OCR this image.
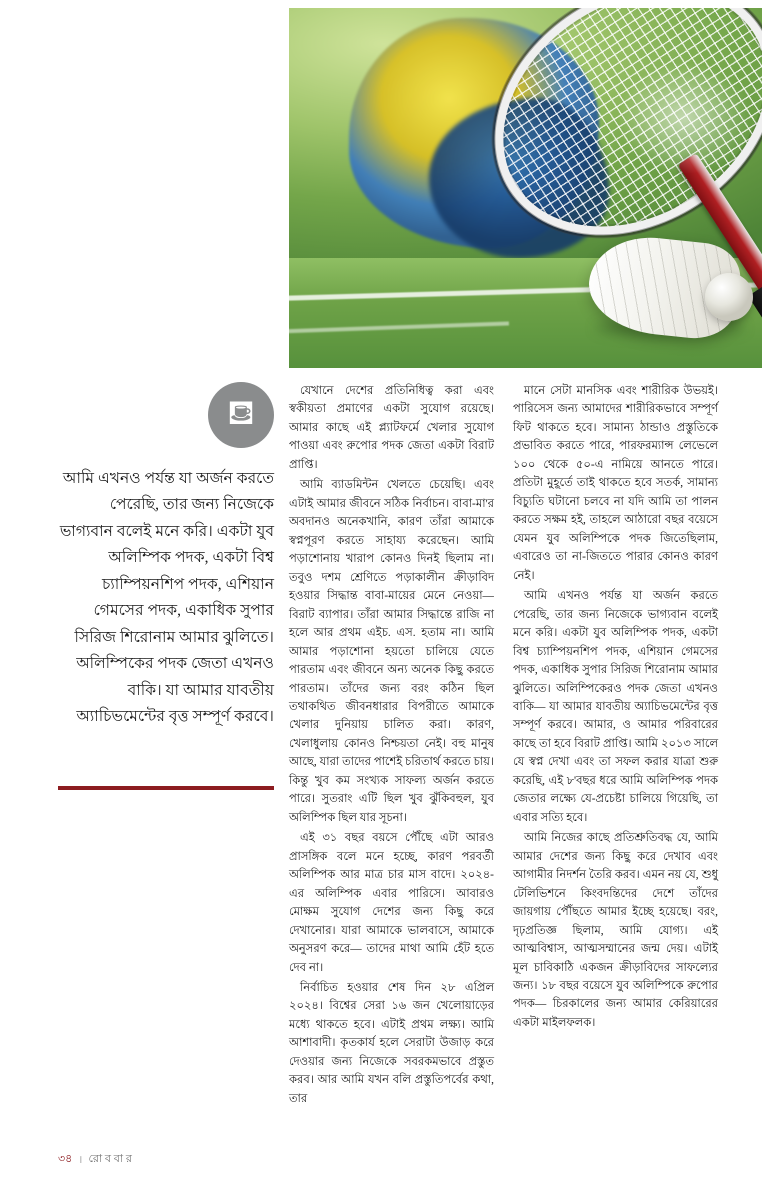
⛾
আমি এখনও পর্যন্ত যা অর্জন করতে পেরেছি, তার জন্য নিজেকে ভাগ্যবান বলেই মনে করি। একটা যুব অলিম্পিক পদক, একটা বিশ্ব চ্যাম্পিয়নশিপ পদক, এশিয়ান গেমসের পদক, একাধিক সুপার সিরিজ শিরোনাম আমার ঝুলিতে। অলিম্পিকের পদক জেতা এখনও বাকি। যা আমার যাবতীয় অ্যাচিভমেন্টের বৃত্ত সম্পূর্ণ করবে।

যেখানে দেশের প্রতিনিধিত্ব করা এবং স্বকীয়তা প্রমাণের একটা সুযোগ রয়েছে। আমার কাছে এই প্ল্যাটফর্মে খেলার সুযোগ পাওয়া এবং রুপোর পদক জেতা একটা বিরাট প্রাপ্তি।

আমি ব্যাডমিন্টন খেলতে চেয়েছি। এবং এটাই আমার জীবনে সঠিক নির্বাচন। বাবা-মা'র অবদানও অনেকখানি, কারণ তাঁরা আমাকে স্বপ্নপূরণ করতে সাহায্য করেছেন। আমি পড়াশোনায় খারাপ কোনও দিনই ছিলাম না। তবুও দশম শ্রেণিতে পড়াকালীন ক্রীড়াবিদ হওয়ার সিদ্ধান্ত বাবা-মায়ের মেনে নেওয়া— বিরাট ব্যাপার। তাঁরা আমার সিদ্ধান্তে রাজি না হলে আর প্রথম এইচ. এস. হতাম না। আমি আমার পড়াশোনা হয়তো চালিয়ে যেতে পারতাম এবং জীবনে অন্য অনেক কিছু করতে পারতাম। তাঁদের জন্য বরং কঠিন ছিল তথাকথিত জীবনধারার বিপরীতে আমাকে খেলার দুনিয়ায় চালিত করা। কারণ, খেলাধুলায় কোনও নিশ্চয়তা নেই। বহু মানুষ আছে, যারা তাদের পাশেই চরিতার্থ করতে চায়। কিন্তু খুব কম সংখ্যক সাফল্য অর্জন করতে পারে। সুতরাং এটি ছিল খুব ঝুঁকিবহুল, যুব অলিম্পিক ছিল যার সূচনা।

এই ৩১ বছর বয়সে পৌঁছে এটা আরও প্রাসঙ্গিক বলে মনে হচ্ছে, কারণ পরবর্তী অলিম্পিক আর মাত্র চার মাস বাদে। ২০২৪-এর অলিম্পিক এবার পারিসে। আবারও মোক্ষম সুযোগ দেশের জন্য কিছু করে দেখানোর। যারা আমাকে ভালবাসে, আমাকে অনুসরণ করে— তাদের মাথা আমি হেঁট হতে দেব না।

নির্বাচিত হওয়ার শেষ দিন ২৮ এপ্রিল ২০২৪। বিশ্বের সেরা ১৬ জন খেলোয়াড়ের মধ্যে থাকতে হবে। এটাই প্রথম লক্ষ্য। আমি আশাবাদী। কৃতকার্য হলে সেরাটা উজাড় করে দেওয়ার জন্য নিজেকে সবরকমভাবে প্রস্তুত করব। আর আমি যখন বলি প্রস্তুতিপর্বের কথা, তার

মানে সেটা মানসিক এবং শারীরিক উভয়ই। পারিসেস জন্য আমাদের শারীরিকভাবে সম্পূর্ণ ফিট থাকতে হবে। সামান্য ঠান্ডাও প্রস্তুতিকে প্রভাবিত করতে পারে, পারফরম্যান্স লেভেলে ১০০ থেকে ৫০-এ নামিয়ে আনতে পারে। প্রতিটা মুহূর্তে তাই থাকতে হবে সতর্ক, সামান্য বিচ্যুতি ঘটানো চলবে না যদি আমি তা পালন করতে সক্ষম হই, তাহলে আঠারো বছর বয়েসে যেমন যুব অলিম্পিকে পদক জিতেছিলাম, এবারেও তা না-জিততে পারার কোনও কারণ নেই।

আমি এখনও পর্যন্ত যা অর্জন করতে পেরেছি, তার জন্য নিজেকে ভাগ্যবান বলেই মনে করি। একটা যুব অলিম্পিক পদক, একটা বিশ্ব চ্যাম্পিয়নশিপ পদক, এশিয়ান গেমসের পদক, একাধিক সুপার সিরিজ শিরোনাম আমার ঝুলিতে। অলিম্পিকেরও পদক জেতা এখনও বাকি— যা আমার যাবতীয় অ্যাচিভমেন্টের বৃত্ত সম্পূর্ণ করবে। আমার, ও আমার পরিবারের কাছে তা হবে বিরাট প্রাপ্তি। আমি ২০১৩ সালে যে স্বপ্ন দেখা এবং তা সফল করার যাত্রা শুরু করেছি, এই ৮'বছর ধরে আমি অলিম্পিক পদক জেতার লক্ষ্যে যে-প্রচেষ্টা চালিয়ে গিয়েছি, তা এবার সত্যি হবে।

আমি নিজের কাছে প্রতিশ্রুতিবদ্ধ যে, আমি আমার দেশের জন্য কিছু করে দেখাব এবং আগামীর নিদর্শন তৈরি করব। এমন নয় যে, শুধু টেলিভিশনে কিংবদন্তিদের দেশে তাঁদের জায়গায় পৌঁছতে আমার ইচ্ছে হয়েছে। বরং, দৃঢ়প্রতিজ্ঞ ছিলাম, আমি যোগ্য। এই আত্মবিশ্বাস, আত্মসম্মানের জন্ম দেয়। এটাই মূল চাবিকাঠি একজন ক্রীড়াবিদের সাফল্যের জন্য। ১৮ বছর বয়েসে যুব অলিম্পিকে রুপোর পদক— চিরকালের জন্য আমার কেরিয়ারের একটা মাইলফলক।

৩৪ । রো ব বা র
